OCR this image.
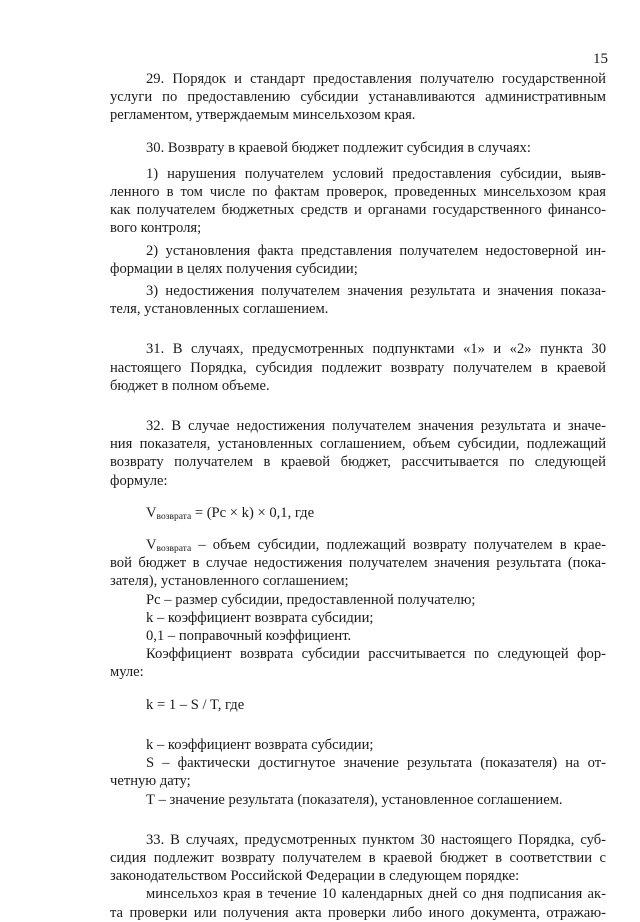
15
29. Порядок и стандарт предоставления получателю государственной
услуги по предоставлению субсидии устанавливаются административным
регламентом, утверждаемым минсельхозом края.
30. Возврату в краевой бюджет подлежит субсидия в случаях:
1) нарушения получателем условий предоставления субсидии, выяв-
ленного в том числе по фактам проверок, проведенных минсельхозом края
как получателем бюджетных средств и органами государственного финансо-
вого контроля;
2) установления факта представления получателем недостоверной ин-
формации в целях получения субсидии;
3) недостижения получателем значения результата и значения показа-
теля, установленных соглашением.
31. В случаях, предусмотренных подпунктами «1» и «2» пункта 30
настоящего Порядка, субсидия подлежит возврату получателем в краевой
бюджет в полном объеме.
32. В случае недостижения получателем значения результата и значе-
ния показателя, установленных соглашением, объем субсидии, подлежащий
возврату получателем в краевой бюджет, рассчитывается по следующей
формуле:
$V_{возврата} = (Рс \times k) \times 0,1$, где
$V_{возврата}$ – объем субсидии, подлежащий возврату получателем в крае-
вой бюджет в случае недостижения получателем значения результата (пока-
зателя), установленного соглашением;
Рс – размер субсидии, предоставленной получателю;
k – коэффициент возврата субсидии;
0,1 – поправочный коэффициент.
Коэффициент возврата субсидии рассчитывается по следующей фор-
муле:
k = 1 – S / T, где
k – коэффициент возврата субсидии;
S – фактически достигнутое значение результата (показателя) на от-
четную дату;
Т – значение результата (показателя), установленное соглашением.
33. В случаях, предусмотренных пунктом 30 настоящего Порядка, суб-
сидия подлежит возврату получателем в краевой бюджет в соответствии с
законодательством Российской Федерации в следующем порядке:
минсельхоз края в течение 10 календарных дней со дня подписания ак-
та проверки или получения акта проверки либо иного документа, отражаю-
